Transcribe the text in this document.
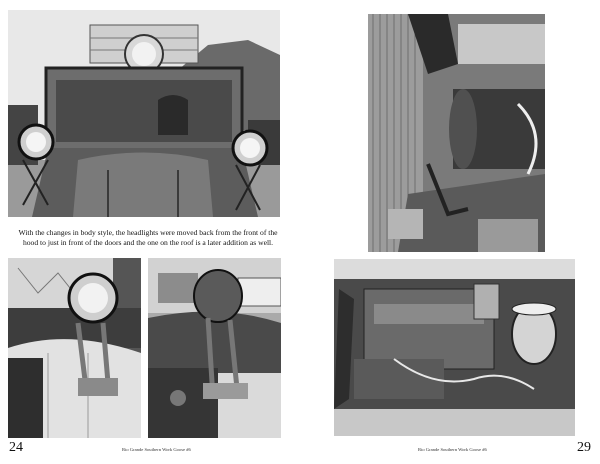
With the changes in body style, the headlights were moved back from the front of the hood to just in front of the doors and the one on the roof is a later addition as well.
24	Rio Grande Southern Work Goose #6	Rio Grande Southern Work Goose #6	29
